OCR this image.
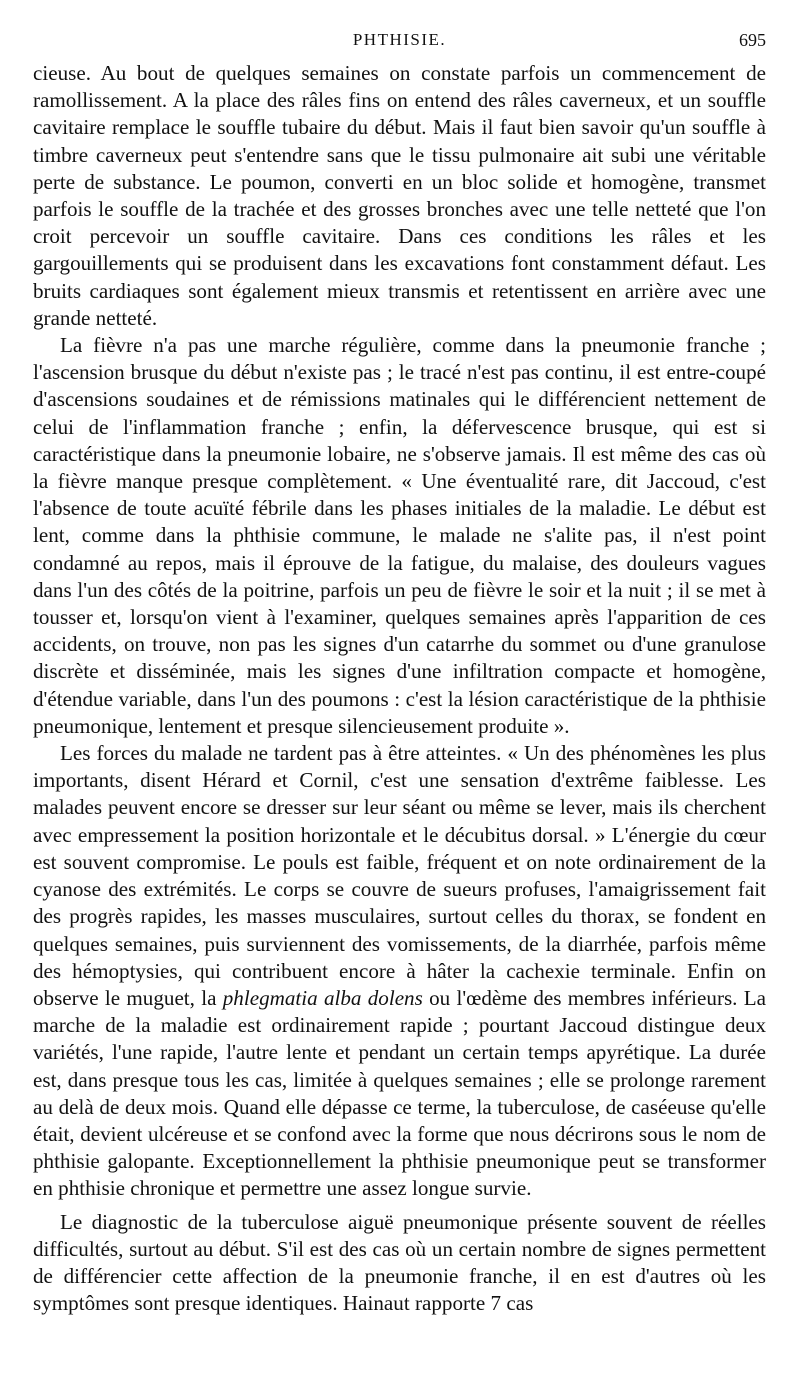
PHTHISIE.	695

cieuse. Au bout de quelques semaines on constate parfois un commencement de ramollissement. A la place des râles fins on entend des râles caverneux, et un souffle cavitaire remplace le souffle tubaire du début. Mais il faut bien savoir qu'un souffle à timbre caverneux peut s'entendre sans que le tissu pulmonaire ait subi une véritable perte de substance. Le poumon, converti en un bloc solide et homogène, transmet parfois le souffle de la trachée et des grosses bronches avec une telle netteté que l'on croit percevoir un souffle cavitaire. Dans ces conditions les râles et les gargouillements qui se produisent dans les excavations font constamment défaut. Les bruits cardiaques sont également mieux transmis et retentissent en arrière avec une grande netteté.

La fièvre n'a pas une marche régulière, comme dans la pneumonie franche ; l'ascension brusque du début n'existe pas ; le tracé n'est pas continu, il est entre-coupé d'ascensions soudaines et de rémissions matinales qui le différencient nettement de celui de l'inflammation franche ; enfin, la défervescence brusque, qui est si caractéristique dans la pneumonie lobaire, ne s'observe jamais. Il est même des cas où la fièvre manque presque complètement. « Une éventualité rare, dit Jaccoud, c'est l'absence de toute acuïté fébrile dans les phases initiales de la maladie. Le début est lent, comme dans la phthisie commune, le malade ne s'alite pas, il n'est point condamné au repos, mais il éprouve de la fatigue, du malaise, des douleurs vagues dans l'un des côtés de la poitrine, parfois un peu de fièvre le soir et la nuit ; il se met à tousser et, lorsqu'on vient à l'examiner, quelques semaines après l'apparition de ces accidents, on trouve, non pas les signes d'un catarrhe du sommet ou d'une granulose discrète et disséminée, mais les signes d'une infiltration compacte et homogène, d'étendue variable, dans l'un des poumons : c'est la lésion caractéristique de la phthisie pneumonique, lentement et presque silencieusement produite ».

Les forces du malade ne tardent pas à être atteintes. « Un des phénomènes les plus importants, disent Hérard et Cornil, c'est une sensation d'extrême faiblesse. Les malades peuvent encore se dresser sur leur séant ou même se lever, mais ils cherchent avec empressement la position horizontale et le décubitus dorsal. » L'énergie du cœur est souvent compromise. Le pouls est faible, fréquent et on note ordinairement de la cyanose des extrémités. Le corps se couvre de sueurs profuses, l'amaigrissement fait des progrès rapides, les masses musculaires, surtout celles du thorax, se fondent en quelques semaines, puis surviennent des vomissements, de la diarrhée, parfois même des hémoptysies, qui contribuent encore à hâter la cachexie terminale. Enfin on observe le muguet, la phlegmatia alba dolens ou l'œdème des membres inférieurs. La marche de la maladie est ordinairement rapide ; pourtant Jaccoud distingue deux variétés, l'une rapide, l'autre lente et pendant un certain temps apyrétique. La durée est, dans presque tous les cas, limitée à quelques semaines ; elle se prolonge rarement au delà de deux mois. Quand elle dépasse ce terme, la tuberculose, de caséeuse qu'elle était, devient ulcéreuse et se confond avec la forme que nous décrirons sous le nom de phthisie galopante. Exceptionnellement la phthisie pneumonique peut se transformer en phthisie chronique et permettre une assez longue survie.

Le diagnostic de la tuberculose aiguë pneumonique présente souvent de réelles difficultés, surtout au début. S'il est des cas où un certain nombre de signes permettent de différencier cette affection de la pneumonie franche, il en est d'autres où les symptômes sont presque identiques. Hainaut rapporte 7 cas
